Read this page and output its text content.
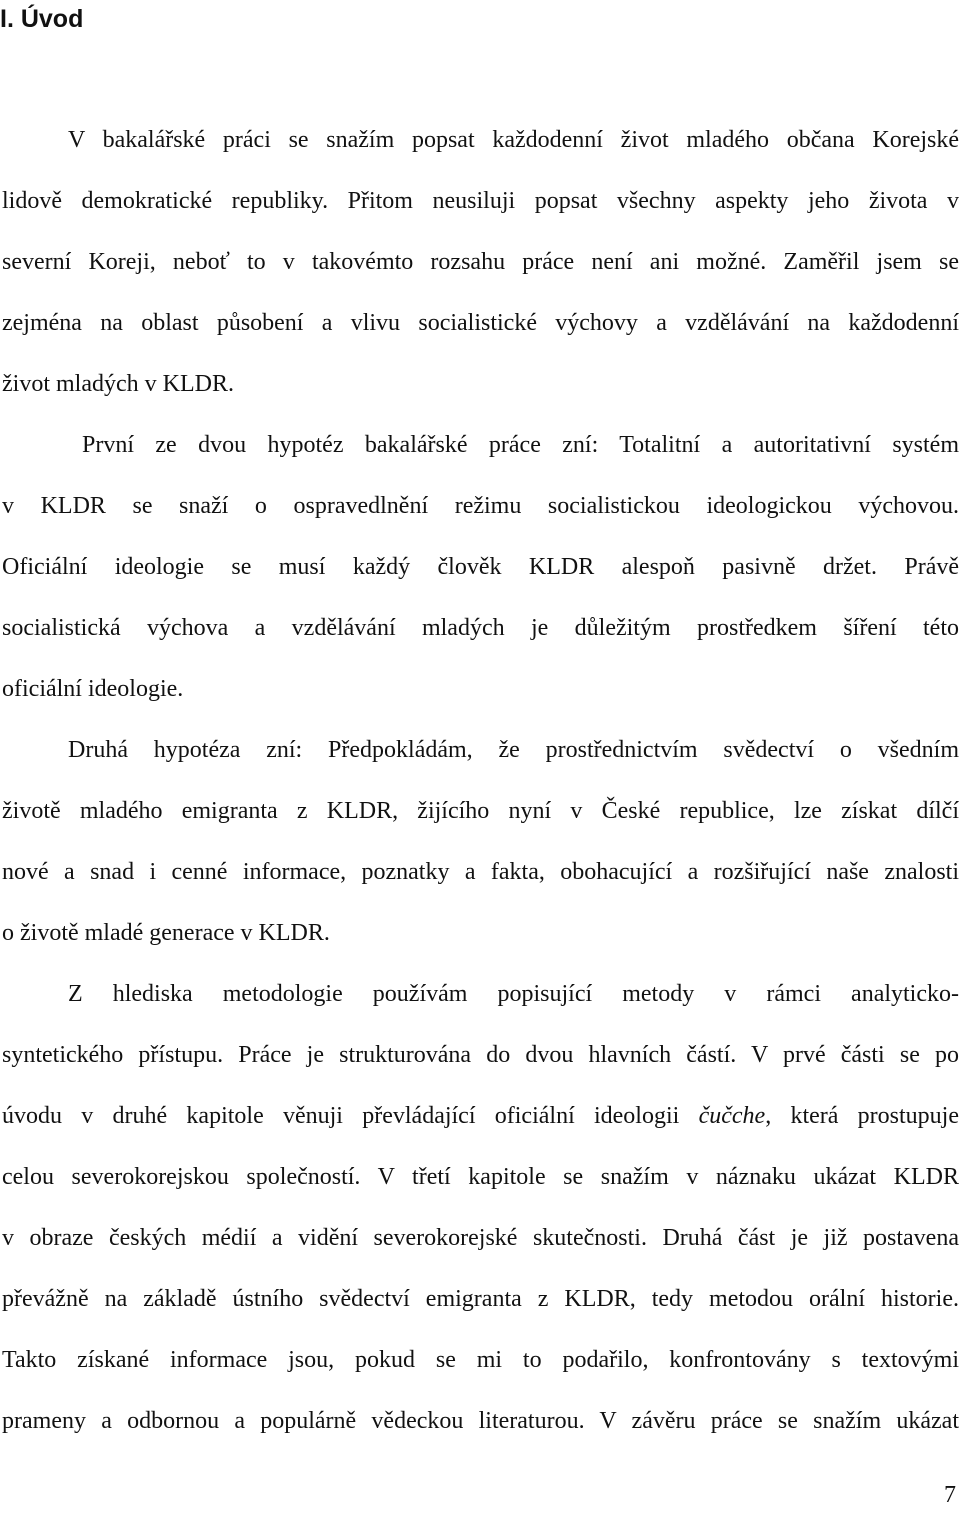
I. Úvod
V bakalářské práci se snažím popsat každodenní život mladého občana Korejské
lidově demokratické republiky. Přitom neusiluji popsat všechny aspekty jeho života v
severní Koreji, neboť to v takovémto rozsahu práce není ani možné. Zaměřil jsem se
zejména na oblast působení a vlivu socialistické výchovy a vzdělávání na každodenní
život mladých v KLDR.
První ze dvou hypotéz bakalářské práce zní: Totalitní a autoritativní systém
v KLDR se snaží o ospravedlnění režimu socialistickou ideologickou výchovou.
Oficiální ideologie se musí každý člověk KLDR alespoň pasivně držet. Právě
socialistická výchova a vzdělávání mladých je důležitým prostředkem šíření této
oficiální ideologie.
Druhá hypotéza zní: Předpokládám, že prostřednictvím svědectví o všedním
životě mladého emigranta z KLDR, žijícího nyní v České republice, lze získat dílčí
nové a snad i cenné informace, poznatky a fakta, obohacující a rozšiřující naše znalosti
o životě mladé generace v KLDR.
Z hlediska metodologie používám popisující metody v rámci analyticko-
syntetického přístupu. Práce je strukturována do dvou hlavních částí. V prvé části se po
úvodu v druhé kapitole věnuji převládající oficiální ideologii čučche, která prostupuje
celou severokorejskou společností. V třetí kapitole se snažím v náznaku ukázat KLDR
v obraze českých médií a vidění severokorejské skutečnosti. Druhá část je již postavena
převážně na základě ústního svědectví emigranta z KLDR, tedy metodou orální historie.
Takto získané informace jsou, pokud se mi to podařilo, konfrontovány s textovými
prameny a odbornou a populárně vědeckou literaturou. V závěru práce se snažím ukázat
7
